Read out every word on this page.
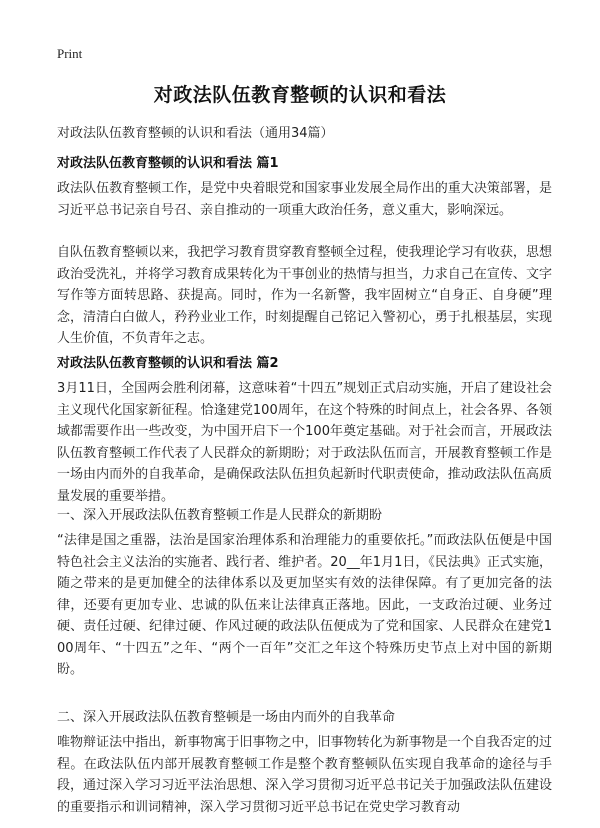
Print
对政法队伍教育整顿的认识和看法
对政法队伍教育整顿的认识和看法（通用34篇）
对政法队伍教育整顿的认识和看法 篇1
政法队伍教育整顿工作，是党中央着眼党和国家事业发展全局作出的重大决策部署，是习近平总书记亲自号召、亲自推动的一项重大政治任务，意义重大，影响深远。
自队伍教育整顿以来，我把学习教育贯穿教育整顿全过程，使我理论学习有收获，思想政治受洗礼，并将学习教育成果转化为干事创业的热情与担当，力求自己在宣传、文字写作等方面转思路、获提高。同时，作为一名新警，我牢固树立“自身正、自身硬”理念，清清白白做人，矜矜业业工作，时刻提醒自己铭记入警初心，勇于扎根基层，实现人生价值，不负青年之志。
对政法队伍教育整顿的认识和看法 篇2
3月11日，全国两会胜利闭幕，这意味着“十四五”规划正式启动实施，开启了建设社会主义现代化国家新征程。恰逢建党100周年，在这个特殊的时间点上，社会各界、各领域都需要作出一些改变，为中国开启下一个100年奠定基础。对于社会而言，开展政法队伍教育整顿工作代表了人民群众的新期盼；对于政法队伍而言，开展教育整顿工作是一场由内而外的自我革命，是确保政法队伍担负起新时代职责使命，推动政法队伍高质量发展的重要举措。
一、深入开展政法队伍教育整顿工作是人民群众的新期盼
“法律是国之重器，法治是国家治理体系和治理能力的重要依托。”而政法队伍便是中国特色社会主义法治的实施者、践行者、维护者。20__年1月1日，《民法典》正式实施，随之带来的是更加健全的法律体系以及更加坚实有效的法律保障。有了更加完备的法律，还要有更加专业、忠诚的队伍来让法律真正落地。因此，一支政治过硬、业务过硬、责任过硬、纪律过硬、作风过硬的政法队伍便成为了党和国家、人民群众在建党100周年、“十四五”之年、“两个一百年”交汇之年这个特殊历史节点上对中国的新期盼。
二、深入开展政法队伍教育整顿是一场由内而外的自我革命
唯物辩证法中指出，新事物寓于旧事物之中，旧事物转化为新事物是一个自我否定的过程。在政法队伍内部开展教育整顿工作是整个教育整顿队伍实现自我革命的途径与手段，通过深入学习习近平法治思想、深入学习贯彻习近平总书记关于加强政法队伍建设的重要指示和训词精神，深入学习贯彻习近平总书记在党史学习教育动
